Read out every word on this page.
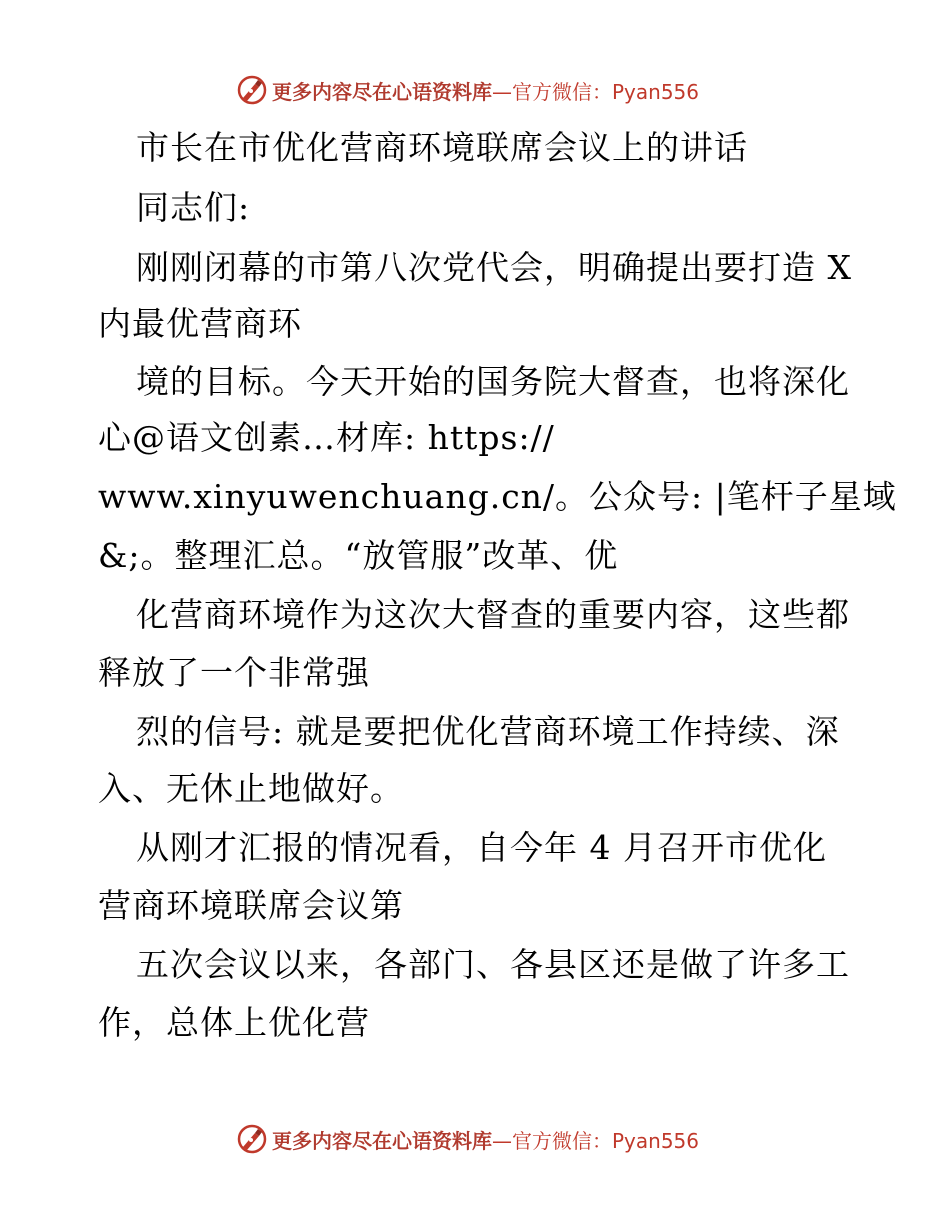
更多内容尽在心语资料库—官方微信：Pyan556
市长在市优化营商环境联席会议上的讲话
同志们:
刚刚闭幕的市第八次党代会，明确提出要打造 X
内最优营商环
境的目标。今天开始的国务院大督查，也将深化
心@语文创素…材库: https://
www.xinyuwenchuang.cn/。公众号: |笔杆子星域
&;。整理汇总。“放管服”改革、优
化营商环境作为这次大督查的重要内容，这些都
释放了一个非常强
烈的信号: 就是要把优化营商环境工作持续、深
入、无休止地做好。
从刚才汇报的情况看，自今年 4 月召开市优化
营商环境联席会议第
五次会议以来，各部门、各县区还是做了许多工
作，总体上优化营
更多内容尽在心语资料库—官方微信：Pyan556
